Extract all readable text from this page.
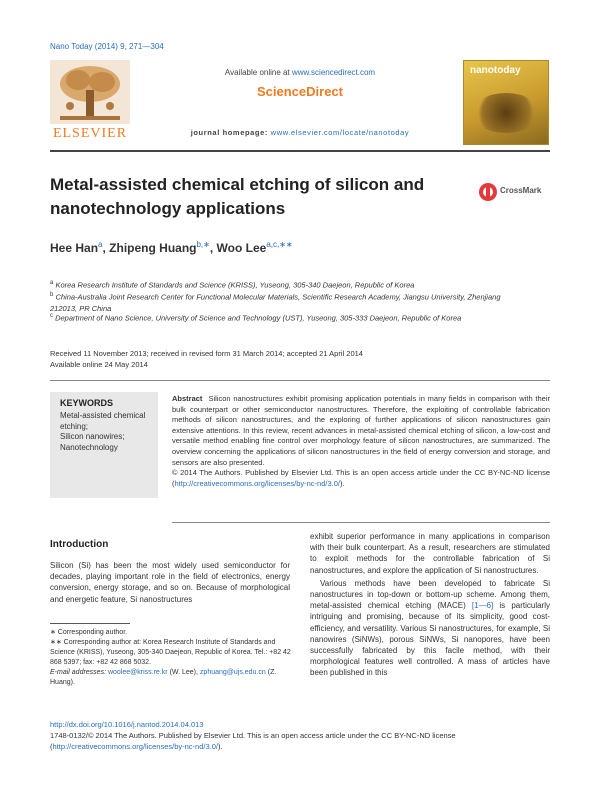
Nano Today (2014) 9, 271—304
ELSEVIER
Available online at www.sciencedirect.com
ScienceDirect
journal homepage: www.elsevier.com/locate/nanotoday
nanotoday
Metal-assisted chemical etching of silicon and nanotechnology applications
CrossMark
Hee Han$^a$, Zhipeng Huang$^{b,∗}$, Woo Lee$^{a,c,∗∗}$
$^a$ Korea Research Institute of Standards and Science (KRISS), Yuseong, 305-340 Daejeon, Republic of Korea
$^b$ China-Australia Joint Research Center for Functional Molecular Materials, Scientific Research Academy, Jiangsu University, Zhenjiang 212013, PR China
$^c$ Department of Nano Science, University of Science and Technology (UST), Yuseong, 305-333 Daejeon, Republic of Korea
Received 11 November 2013; received in revised form 31 March 2014; accepted 21 April 2014
Available online 24 May 2014
KEYWORDS
Metal-assisted chemical etching;
Silicon nanowires;
Nanotechnology
Abstract Silicon nanostructures exhibit promising application potentials in many fields in comparison with their bulk counterpart or other semiconductor nanostructures. Therefore, the exploiting of controllable fabrication methods of silicon nanostructures, and the exploring of further applications of silicon nanostructures gain extensive attentions. In this review, recent advances in metal-assisted chemical etching of silicon, a low-cost and versatile method enabling fine control over morphology feature of silicon nanostructures, are summarized. The overview concerning the applications of silicon nanostructures in the field of energy conversion and storage, and sensors are also presented.
© 2014 The Authors. Published by Elsevier Ltd. This is an open access article under the CC BY-NC-ND license (http://creativecommons.org/licenses/by-nc-nd/3.0/).
Introduction

Silicon (Si) has been the most widely used semiconductor for decades, playing important role in the field of electronics, energy conversion, energy storage, and so on. Because of morphological and energetic feature, Si nanostructures

exhibit superior performance in many applications in comparison with their bulk counterpart. As a result, researchers are stimulated to exploit methods for the controllable fabrication of Si nanostructures, and explore the application of Si nanostructures.

Various methods have been developed to fabricate Si nanostructures in top-down or bottom-up scheme. Among them, metal-assisted chemical etching (MACE) [1—6] is particularly intriguing and promising, because of its simplicity, good cost-efficiency, and versatility. Various Si nanostructures, for example, Si nanowires (SiNWs), porous SiNWs, Si nanopores, have been successfully fabricated by this facile method, with their morphological features well controlled. A mass of articles have been published in this

∗ Corresponding author.
∗∗ Corresponding author at: Korea Research Institute of Standards and Science (KRISS), Yuseong, 305-340 Daejeon, Republic of Korea. Tel.: +82 42 868 5397; fax: +82 42 868 5032.
E-mail addresses: woolee@kriss.re.kr (W. Lee), zphuang@ujs.edu.cn (Z. Huang).
http://dx.doi.org/10.1016/j.nantod.2014.04.013
1748-0132/© 2014 The Authors. Published by Elsevier Ltd. This is an open access article under the CC BY-NC-ND license (http://creativecommons.org/licenses/by-nc-nd/3.0/).
